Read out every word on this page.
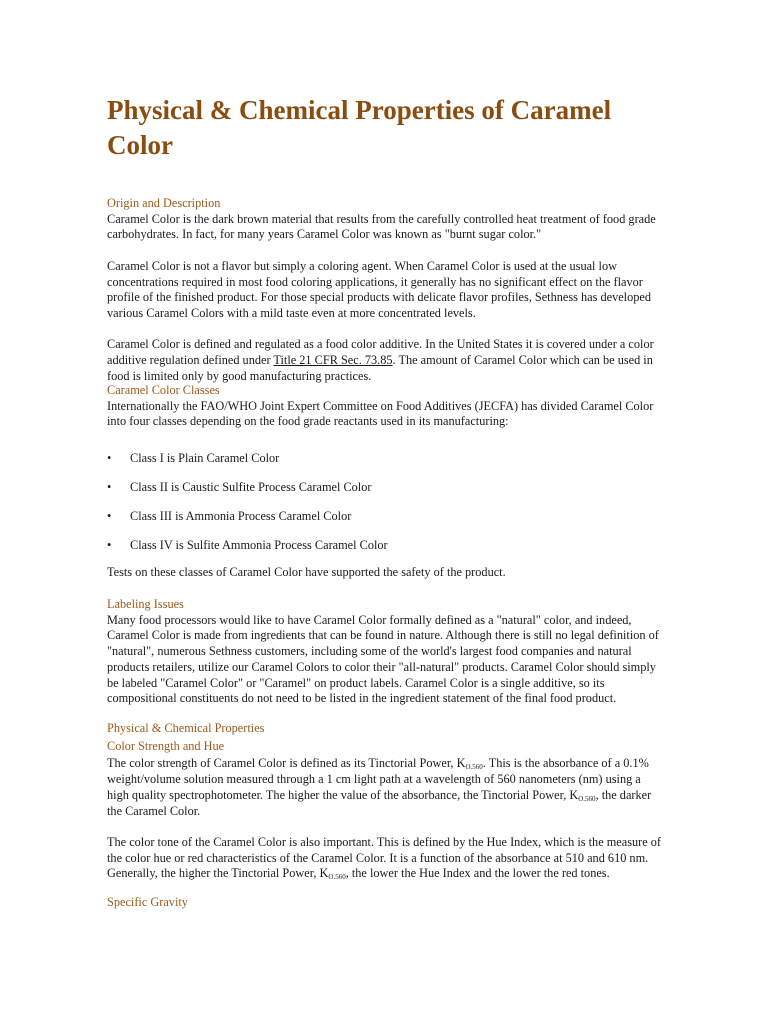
Physical & Chemical Properties of Caramel Color
Origin and Description

Caramel Color is the dark brown material that results from the carefully controlled heat treatment of food grade carbohydrates. In fact, for many years Caramel Color was known as "burnt sugar color."

Caramel Color is not a flavor but simply a coloring agent. When Caramel Color is used at the usual low concentrations required in most food coloring applications, it generally has no significant effect on the flavor profile of the finished product. For those special products with delicate flavor profiles, Sethness has developed various Caramel Colors with a mild taste even at more concentrated levels.

Caramel Color is defined and regulated as a food color additive. In the United States it is covered under a color additive regulation defined under Title 21 CFR Sec. 73.85. The amount of Caramel Color which can be used in food is limited only by good manufacturing practices.

Caramel Color Classes

Internationally the FAO/WHO Joint Expert Committee on Food Additives (JECFA) has divided Caramel Color into four classes depending on the food grade reactants used in its manufacturing:

• Class I is Plain Caramel Color
• Class II is Caustic Sulfite Process Caramel Color
• Class III is Ammonia Process Caramel Color
• Class IV is Sulfite Ammonia Process Caramel Color

Tests on these classes of Caramel Color have supported the safety of the product.

Labeling Issues

Many food processors would like to have Caramel Color formally defined as a "natural" color, and indeed, Caramel Color is made from ingredients that can be found in nature. Although there is still no legal definition of "natural", numerous Sethness customers, including some of the world's largest food companies and natural products retailers, utilize our Caramel Colors to color their "all-natural" products. Caramel Color should simply be labeled "Caramel Color" or "Caramel" on product labels. Caramel Color is a single additive, so its compositional constituents do not need to be listed in the ingredient statement of the final food product.

Physical & Chemical Properties
Color Strength and Hue

The color strength of Caramel Color is defined as its Tinctorial Power, $K_{O.560}$. This is the absorbance of a 0.1% weight/volume solution measured through a 1 cm light path at a wavelength of 560 nanometers (nm) using a high quality spectrophotometer. The higher the value of the absorbance, the Tinctorial Power, $K_{O.560}$, the darker the Caramel Color.

The color tone of the Caramel Color is also important. This is defined by the Hue Index, which is the measure of the color hue or red characteristics of the Caramel Color. It is a function of the absorbance at 510 and 610 nm. Generally, the higher the Tinctorial Power, $K_{O.560}$, the lower the Hue Index and the lower the red tones.

Specific Gravity
